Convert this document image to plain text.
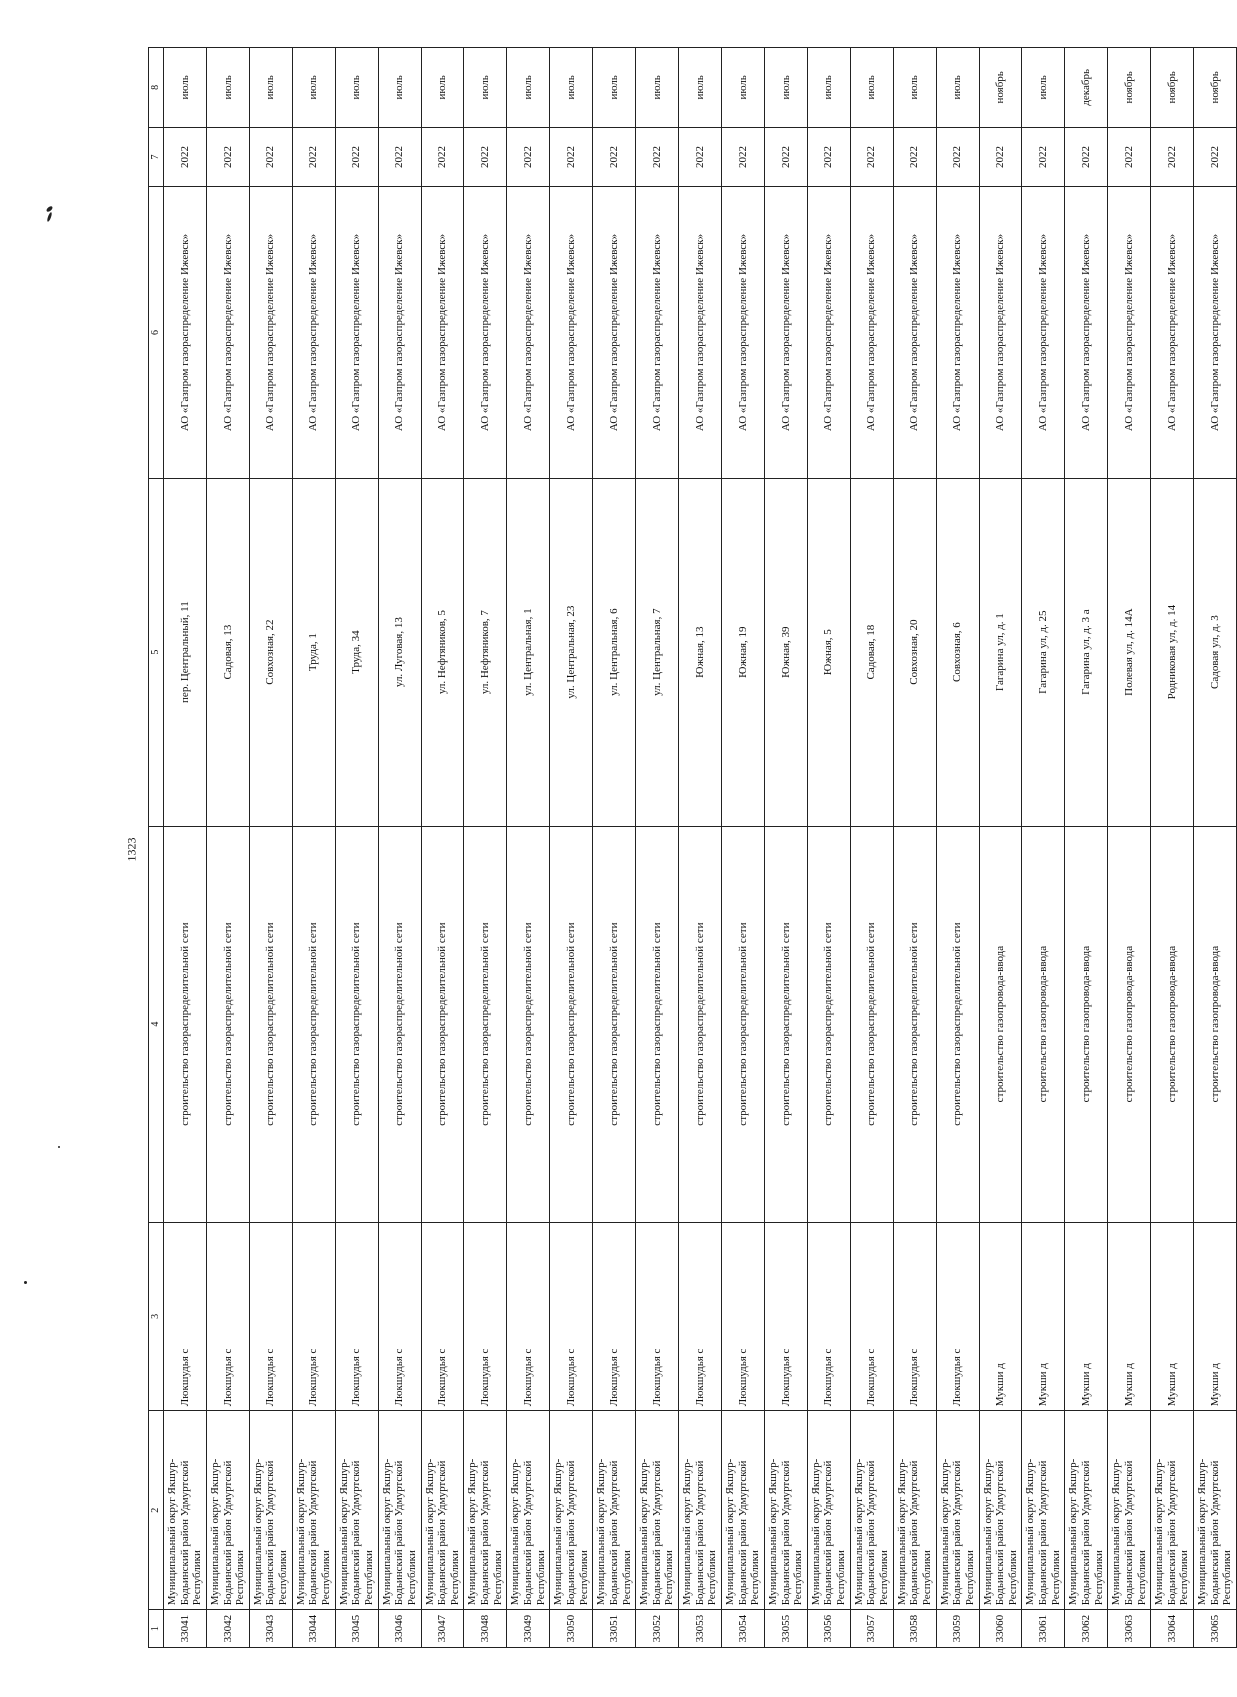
1323
1	2	3	4	5	6	7	8
33041	Муниципальный округ Якшур-Бодьинский район Удмуртской Республики	Люкшудья с	строительство газораспределительной сети	пер. Центральный, 11	АО «Газпром газораспределение Ижевск»	2022	июль
33042	Муниципальный округ Якшур-Бодьинский район Удмуртской Республики	Люкшудья с	строительство газораспределительной сети	Садовая, 13	АО «Газпром газораспределение Ижевск»	2022	июль
33043	Муниципальный округ Якшур-Бодьинский район Удмуртской Республики	Люкшудья с	строительство газораспределительной сети	Совхозная, 22	АО «Газпром газораспределение Ижевск»	2022	июль
33044	Муниципальный округ Якшур-Бодьинский район Удмуртской Республики	Люкшудья с	строительство газораспределительной сети	Труда, 1	АО «Газпром газораспределение Ижевск»	2022	июль
33045	Муниципальный округ Якшур-Бодьинский район Удмуртской Республики	Люкшудья с	строительство газораспределительной сети	Труда, 34	АО «Газпром газораспределение Ижевск»	2022	июль
33046	Муниципальный округ Якшур-Бодьинский район Удмуртской Республики	Люкшудья с	строительство газораспределительной сети	ул. Луговая, 13	АО «Газпром газораспределение Ижевск»	2022	июль
33047	Муниципальный округ Якшур-Бодьинский район Удмуртской Республики	Люкшудья с	строительство газораспределительной сети	ул. Нефтяников, 5	АО «Газпром газораспределение Ижевск»	2022	июль
33048	Муниципальный округ Якшур-Бодьинский район Удмуртской Республики	Люкшудья с	строительство газораспределительной сети	ул. Нефтяников, 7	АО «Газпром газораспределение Ижевск»	2022	июль
33049	Муниципальный округ Якшур-Бодьинский район Удмуртской Республики	Люкшудья с	строительство газораспределительной сети	ул. Центральная, 1	АО «Газпром газораспределение Ижевск»	2022	июль
33050	Муниципальный округ Якшур-Бодьинский район Удмуртской Республики	Люкшудья с	строительство газораспределительной сети	ул. Центральная, 23	АО «Газпром газораспределение Ижевск»	2022	июль
33051	Муниципальный округ Якшур-Бодьинский район Удмуртской Республики	Люкшудья с	строительство газораспределительной сети	ул. Центральная, 6	АО «Газпром газораспределение Ижевск»	2022	июль
33052	Муниципальный округ Якшур-Бодьинский район Удмуртской Республики	Люкшудья с	строительство газораспределительной сети	ул. Центральная, 7	АО «Газпром газораспределение Ижевск»	2022	июль
33053	Муниципальный округ Якшур-Бодьинский район Удмуртской Республики	Люкшудья с	строительство газораспределительной сети	Южная, 13	АО «Газпром газораспределение Ижевск»	2022	июль
33054	Муниципальный округ Якшур-Бодьинский район Удмуртской Республики	Люкшудья с	строительство газораспределительной сети	Южная, 19	АО «Газпром газораспределение Ижевск»	2022	июль
33055	Муниципальный округ Якшур-Бодьинский район Удмуртской Республики	Люкшудья с	строительство газораспределительной сети	Южная, 39	АО «Газпром газораспределение Ижевск»	2022	июль
33056	Муниципальный округ Якшур-Бодьинский район Удмуртской Республики	Люкшудья с	строительство газораспределительной сети	Южная, 5	АО «Газпром газораспределение Ижевск»	2022	июль
33057	Муниципальный округ Якшур-Бодьинский район Удмуртской Республики	Люкшудья с	строительство газораспределительной сети	Садовая, 18	АО «Газпром газораспределение Ижевск»	2022	июль
33058	Муниципальный округ Якшур-Бодьинский район Удмуртской Республики	Люкшудья с	строительство газораспределительной сети	Совхозная, 20	АО «Газпром газораспределение Ижевск»	2022	июль
33059	Муниципальный округ Якшур-Бодьинский район Удмуртской Республики	Люкшудья с	строительство газораспределительной сети	Совхозная, 6	АО «Газпром газораспределение Ижевск»	2022	июль
33060	Муниципальный округ Якшур-Бодьинский район Удмуртской Республики	Мукши д	строительство газопровода-ввода	Гагарина ул, д. 1	АО «Газпром газораспределение Ижевск»	2022	ноябрь
33061	Муниципальный округ Якшур-Бодьинский район Удмуртской Республики	Мукши д	строительство газопровода-ввода	Гагарина ул, д. 25	АО «Газпром газораспределение Ижевск»	2022	июль
33062	Муниципальный округ Якшур-Бодьинский район Удмуртской Республики	Мукши д	строительство газопровода-ввода	Гагарина ул, д. 3 а	АО «Газпром газораспределение Ижевск»	2022	декабрь
33063	Муниципальный округ Якшур-Бодьинский район Удмуртской Республики	Мукши д	строительство газопровода-ввода	Полевая ул, д. 14А	АО «Газпром газораспределение Ижевск»	2022	ноябрь
33064	Муниципальный округ Якшур-Бодьинский район Удмуртской Республики	Мукши д	строительство газопровода-ввода	Родниковая ул, д. 14	АО «Газпром газораспределение Ижевск»	2022	ноябрь
33065	Муниципальный округ Якшур-Бодьинский район Удмуртской Республики	Мукши д	строительство газопровода-ввода	Садовая ул, д. 3	АО «Газпром газораспределение Ижевск»	2022	ноябрь
